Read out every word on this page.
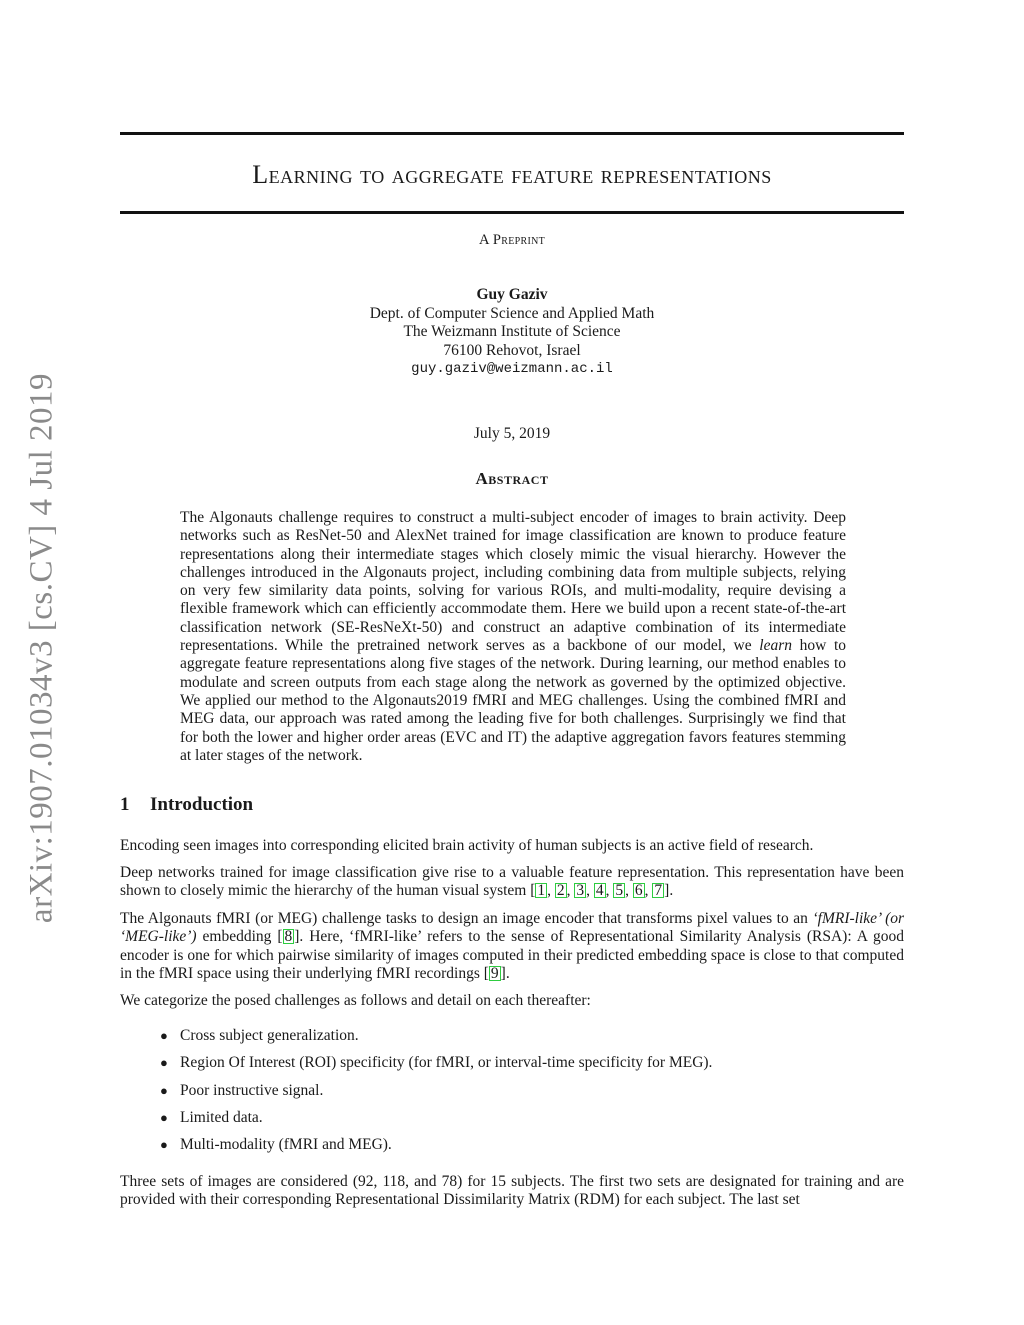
arXiv:1907.01034v3 [cs.CV] 4 Jul 2019
Learning to aggregate feature representations
A Preprint
Guy Gaziv
Dept. of Computer Science and Applied Math
The Weizmann Institute of Science
76100 Rehovot, Israel
guy.gaziv@weizmann.ac.il
July 5, 2019
Abstract
The Algonauts challenge requires to construct a multi-subject encoder of images to brain activity. Deep networks such as ResNet-50 and AlexNet trained for image classification are known to produce feature representations along their intermediate stages which closely mimic the visual hierarchy. However the challenges introduced in the Algonauts project, including combining data from multiple subjects, relying on very few similarity data points, solving for various ROIs, and multi-modality, require devising a flexible framework which can efficiently accommodate them. Here we build upon a recent state-of-the-art classification network (SE-ResNeXt-50) and construct an adaptive combination of its intermediate representations. While the pretrained network serves as a backbone of our model, we learn how to aggregate feature representations along five stages of the network. During learning, our method enables to modulate and screen outputs from each stage along the network as governed by the optimized objective. We applied our method to the Algonauts2019 fMRI and MEG challenges. Using the combined fMRI and MEG data, our approach was rated among the leading five for both challenges. Surprisingly we find that for both the lower and higher order areas (EVC and IT) the adaptive aggregation favors features stemming at later stages of the network.
1 Introduction
Encoding seen images into corresponding elicited brain activity of human subjects is an active field of research.
Deep networks trained for image classification give rise to a valuable feature representation. This representation have been shown to closely mimic the hierarchy of the human visual system [ 1 , 2 , 3 , 4 , 5 , 6 , 7 ].
The Algonauts fMRI (or MEG) challenge tasks to design an image encoder that transforms pixel values to an ‘fMRI-like’ (or ‘MEG-like’) embedding [ 8 ]. Here, ‘fMRI-like’ refers to the sense of Representational Similarity Analysis (RSA): A good encoder is one for which pairwise similarity of images computed in their predicted embedding space is close to that computed in the fMRI space using their underlying fMRI recordings [ 9 ].
We categorize the posed challenges as follows and detail on each thereafter:
● Cross subject generalization.
● Region Of Interest (ROI) specificity (for fMRI, or interval-time specificity for MEG).
● Poor instructive signal.
● Limited data.
● Multi-modality (fMRI and MEG).
Three sets of images are considered (92, 118, and 78) for 15 subjects. The first two sets are designated for training and are provided with their corresponding Representational Dissimilarity Matrix (RDM) for each subject. The last set
